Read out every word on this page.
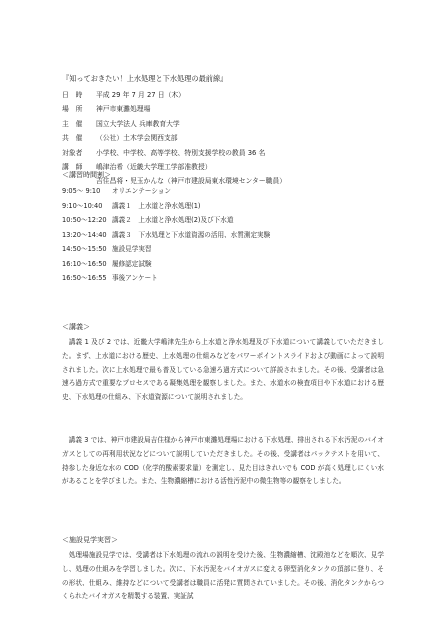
『知っておきたい！上水処理と下水処理の最前線』
日　時	平成 29 年 7 月 27 日（木）
場　所	神戸市東灘処理場
主　催	国立大学法人 兵庫教育大学
共　催	（公社）土木学会関西支部
対象者	小学校、中学校、高等学校、特別支援学校の教員 36 名
講　師	嶋津治希（近畿大学理工学部准教授）
吉住昌将・児玉かんな（神戸市建設局東水環境センター職員）
＜講習時間割＞
9:05～ 9:10	オリエンテーション
9:10～10:40	講義１　上水道と浄水処理(1)
10:50～12:20 講義２　上水道と浄水処理(2)及び下水道
13:20～14:40 講義３　下水処理と下水道資源の活用、水質測定実験
14:50～15:50 施設見学実習
16:10～16:50 履修認定試験
16:50～16:55 事後アンケート
＜講義＞
　講義 1 及び 2 では、近畿大学嶋津先生から上水道と浄水処理及び下水道について講義していただきました。まず、上水道における歴史、上水処理の仕組みなどをパワーポイントスライドおよび動画によって説明されました。次に上水処理で最も普及している急速ろ過方式について詳説されました。その後、受講者は急速ろ過方式で重要なプロセスである凝集処理を観察しました。また、水道水の検査項目や下水道における歴史、下水処理の仕組み、下水道資源について説明されました。
　講義 3 では、神戸市建設局吉住様から神戸市東灘処理場における下水処理、排出される下水汚泥のバイオガスとしての再利用状況などについて説明していただきました。その後、受講者はパックテストを用いて、持参した身近な水の COD（化学的酸素要求量）を測定し、見た目はきれいでも COD が高く処理しにくい水があることを学びました。また、生物濃縮槽における活性汚泥中の微生物等の観察をしました。
＜施設見学実習＞
　処理場施設見学では、受講者は下水処理の流れの説明を受けた後、生物濃縮槽、沈殿池などを順次、見学し、処理の仕組みを学習しました。次に、下水汚泥をバイオガスに変える卵型消化タンクの頂部に登り、その形状、仕組み、維持などについて受講者は職員に活発に質問されていました。その後、消化タンクからつくられたバイオガスを精製する装置、実証試
